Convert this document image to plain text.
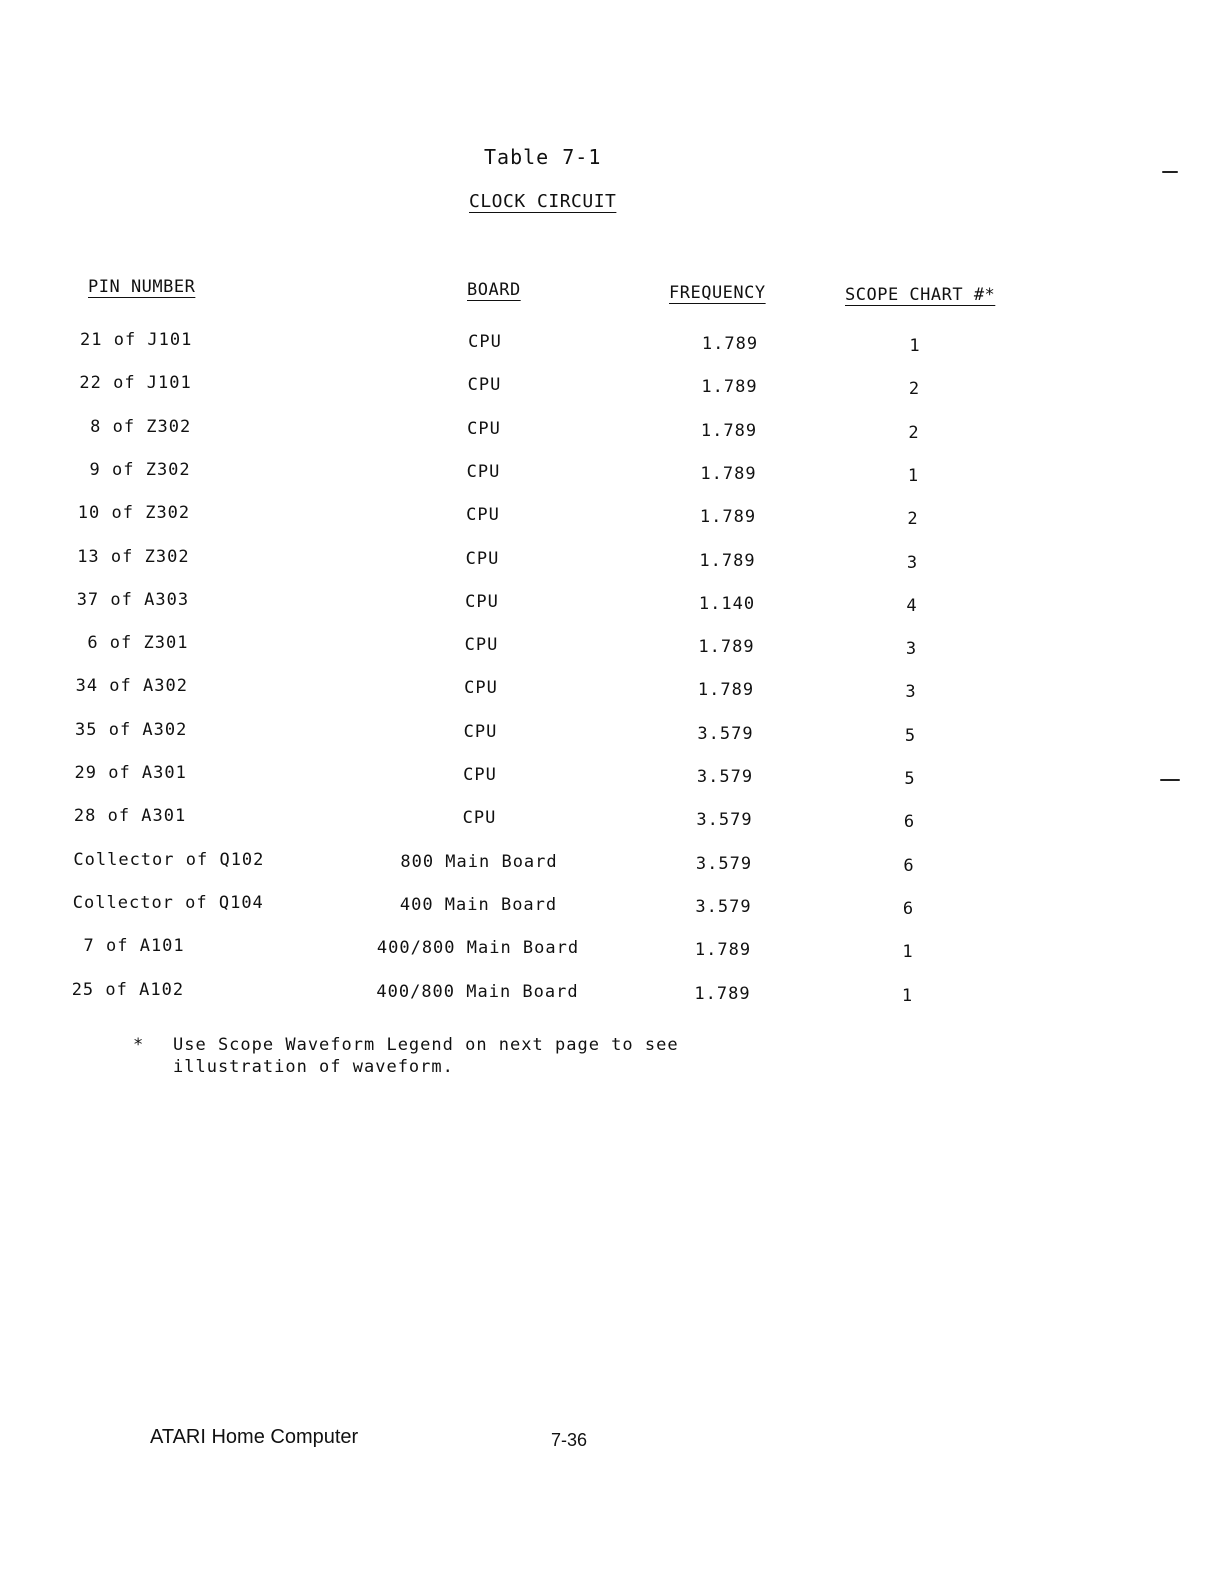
Table 7-1
CLOCK CIRCUIT
PIN NUMBER	BOARD	FREQUENCY	SCOPE CHART #*
21 of J101	CPU	1.789	1
22 of J101	CPU	1.789	2
8 of Z302	CPU	1.789	2
9 of Z302	CPU	1.789	1
10 of Z302	CPU	1.789	2
13 of Z302	CPU	1.789	3
37 of A303	CPU	1.140	4
6 of Z301	CPU	1.789	3
34 of A302	CPU	1.789	3
35 of A302	CPU	3.579	5
29 of A301	CPU	3.579	5
28 of A301	CPU	3.579	6
Collector of Q102	800 Main Board	3.579	6
Collector of Q104	400 Main Board	3.579	6
7 of A101	400/800 Main Board	1.789	1
25 of A102	400/800 Main Board	1.789	1
* Use Scope Waveform Legend on next page to see illustration of waveform.
ATARI Home Computer	7-36
